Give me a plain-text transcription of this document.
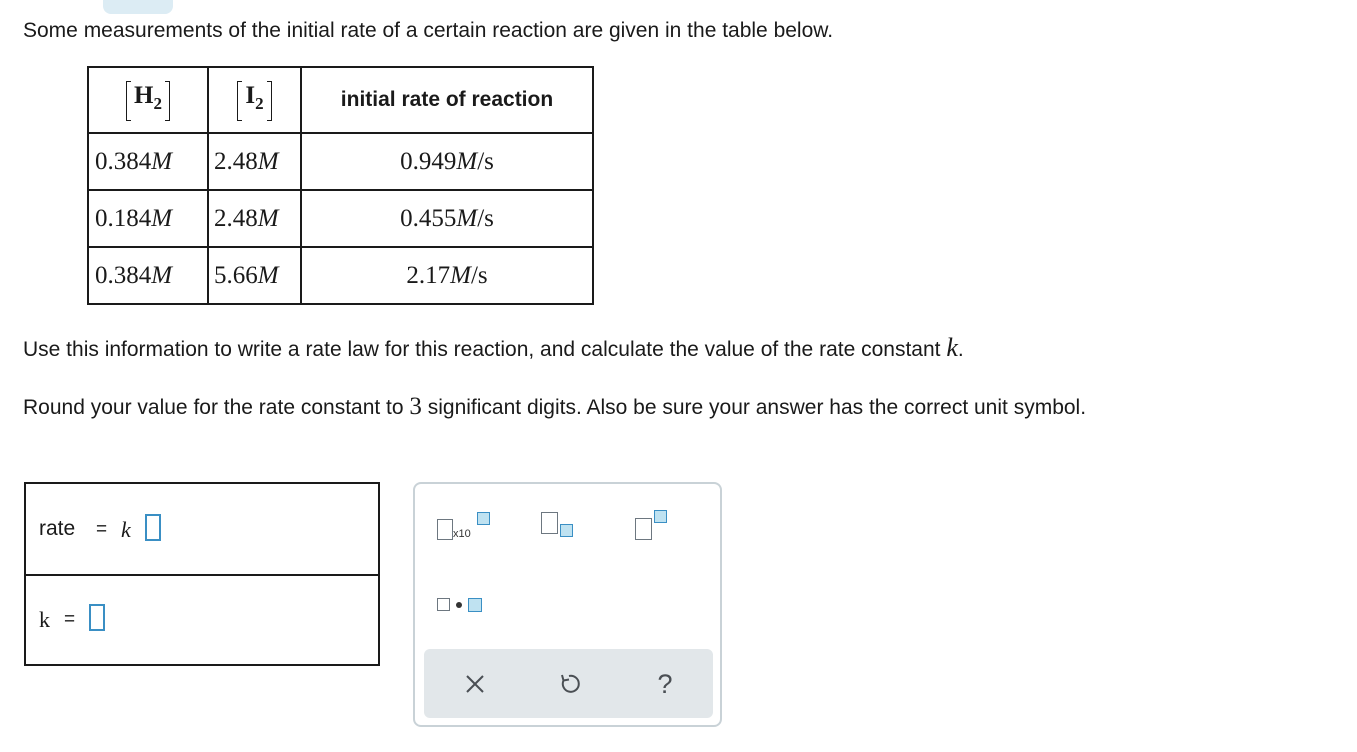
Some measurements of the initial rate of a certain reaction are given in the table below.

$H_2$	$I_2$	initial rate of reaction
0.384M	2.48M	0.949M/s
0.184M	2.48M	0.455M/s
0.384M	5.66M	2.17M/s

Use this information to write a rate law for this reaction, and calculate the value of the rate constant k.

Round your value for the rate constant to 3 significant digits. Also be sure your answer has the correct unit symbol.

rate = k
k =
x10
?
